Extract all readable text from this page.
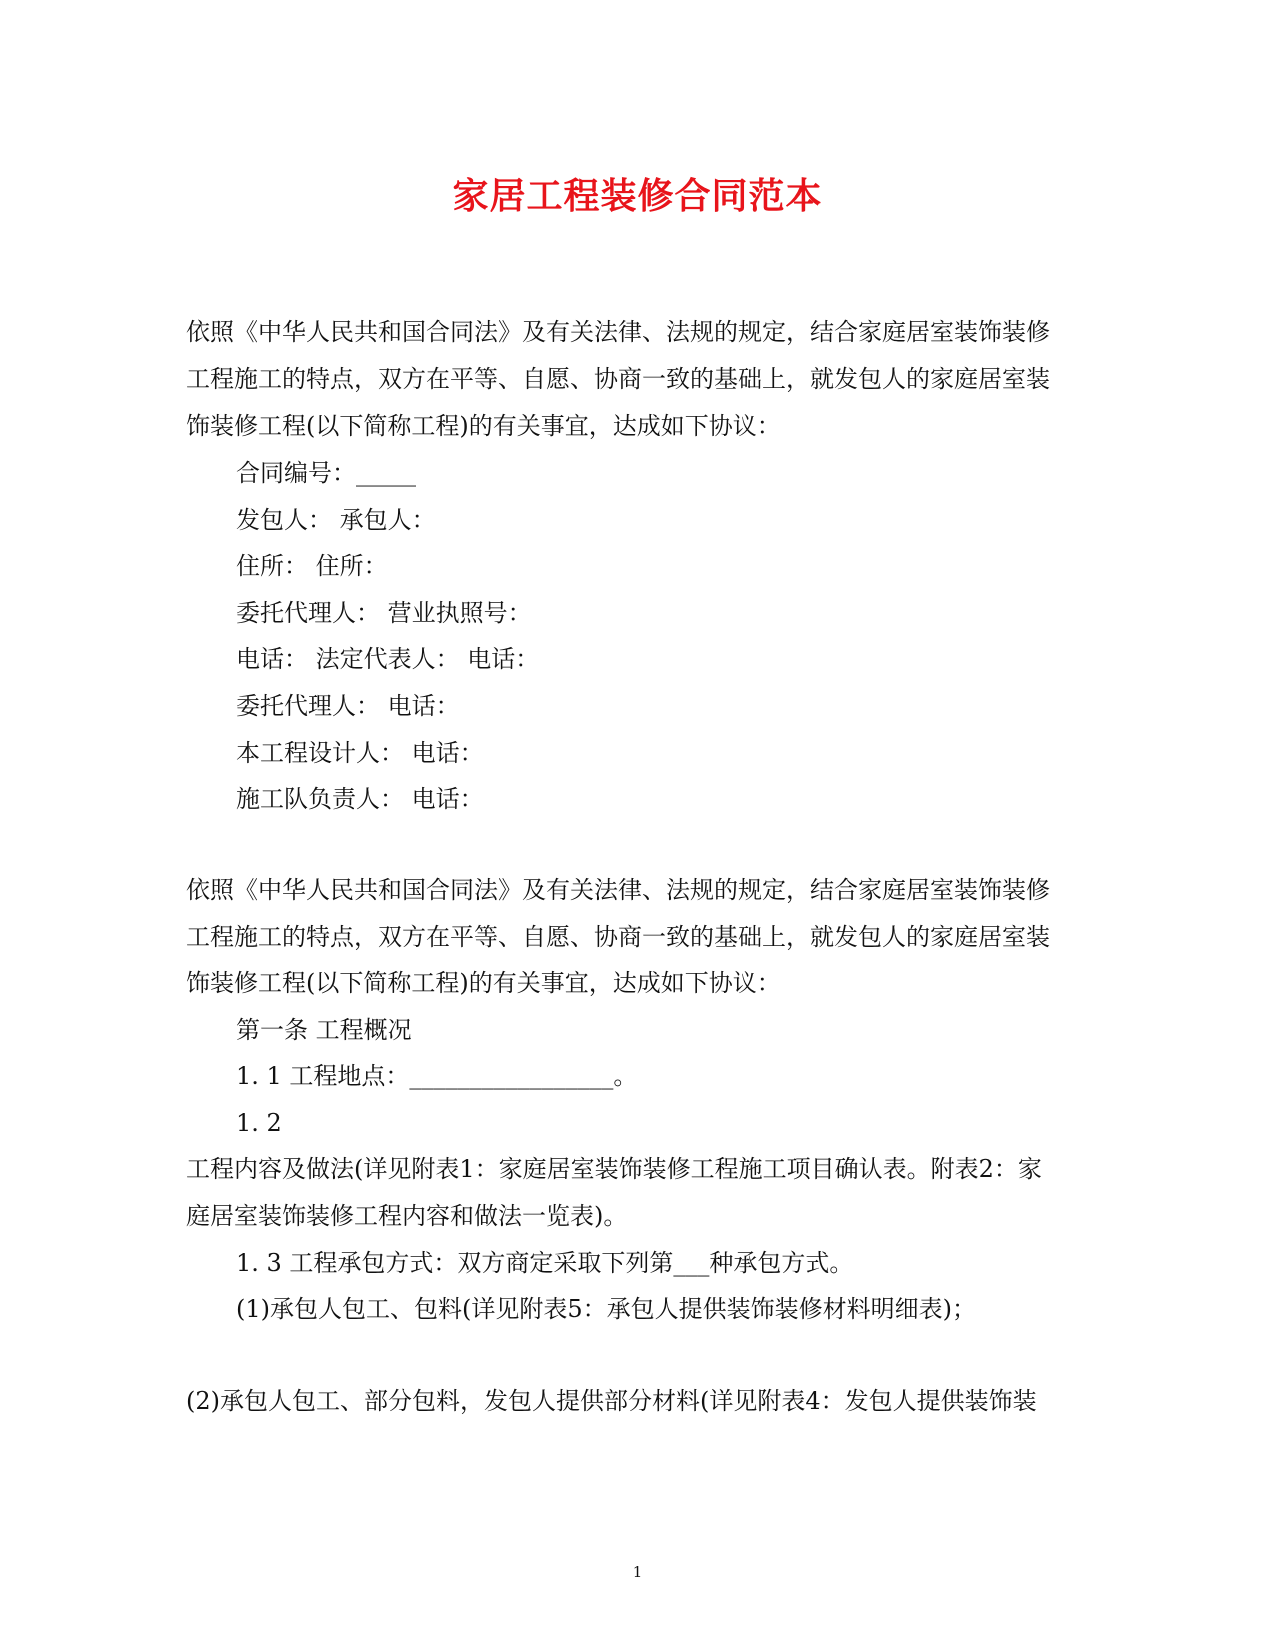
家居工程装修合同范本
依照《中华人民共和国合同法》及有关法律、法规的规定，结合家庭居室装饰装修
工程施工的特点，双方在平等、自愿、协商一致的基础上，就发包人的家庭居室装
饰装修工程(以下简称工程)的有关事宜，达成如下协议：
合同编号：_____
发包人： 承包人：
住所： 住所：
委托代理人： 营业执照号：
电话： 法定代表人： 电话：
委托代理人： 电话：
本工程设计人： 电话：
施工队负责人： 电话：
依照《中华人民共和国合同法》及有关法律、法规的规定，结合家庭居室装饰装修
工程施工的特点，双方在平等、自愿、协商一致的基础上，就发包人的家庭居室装
饰装修工程(以下简称工程)的有关事宜，达成如下协议：
第一条 工程概况
1. 1 工程地点：_________________。
1. 2
工程内容及做法(详见附表1：家庭居室装饰装修工程施工项目确认表。附表2：家
庭居室装饰装修工程内容和做法一览表)。
1. 3 工程承包方式：双方商定采取下列第___种承包方式。
(1)承包人包工、包料(详见附表5：承包人提供装饰装修材料明细表)；
(2)承包人包工、部分包料，发包人提供部分材料(详见附表4：发包人提供装饰装
1
